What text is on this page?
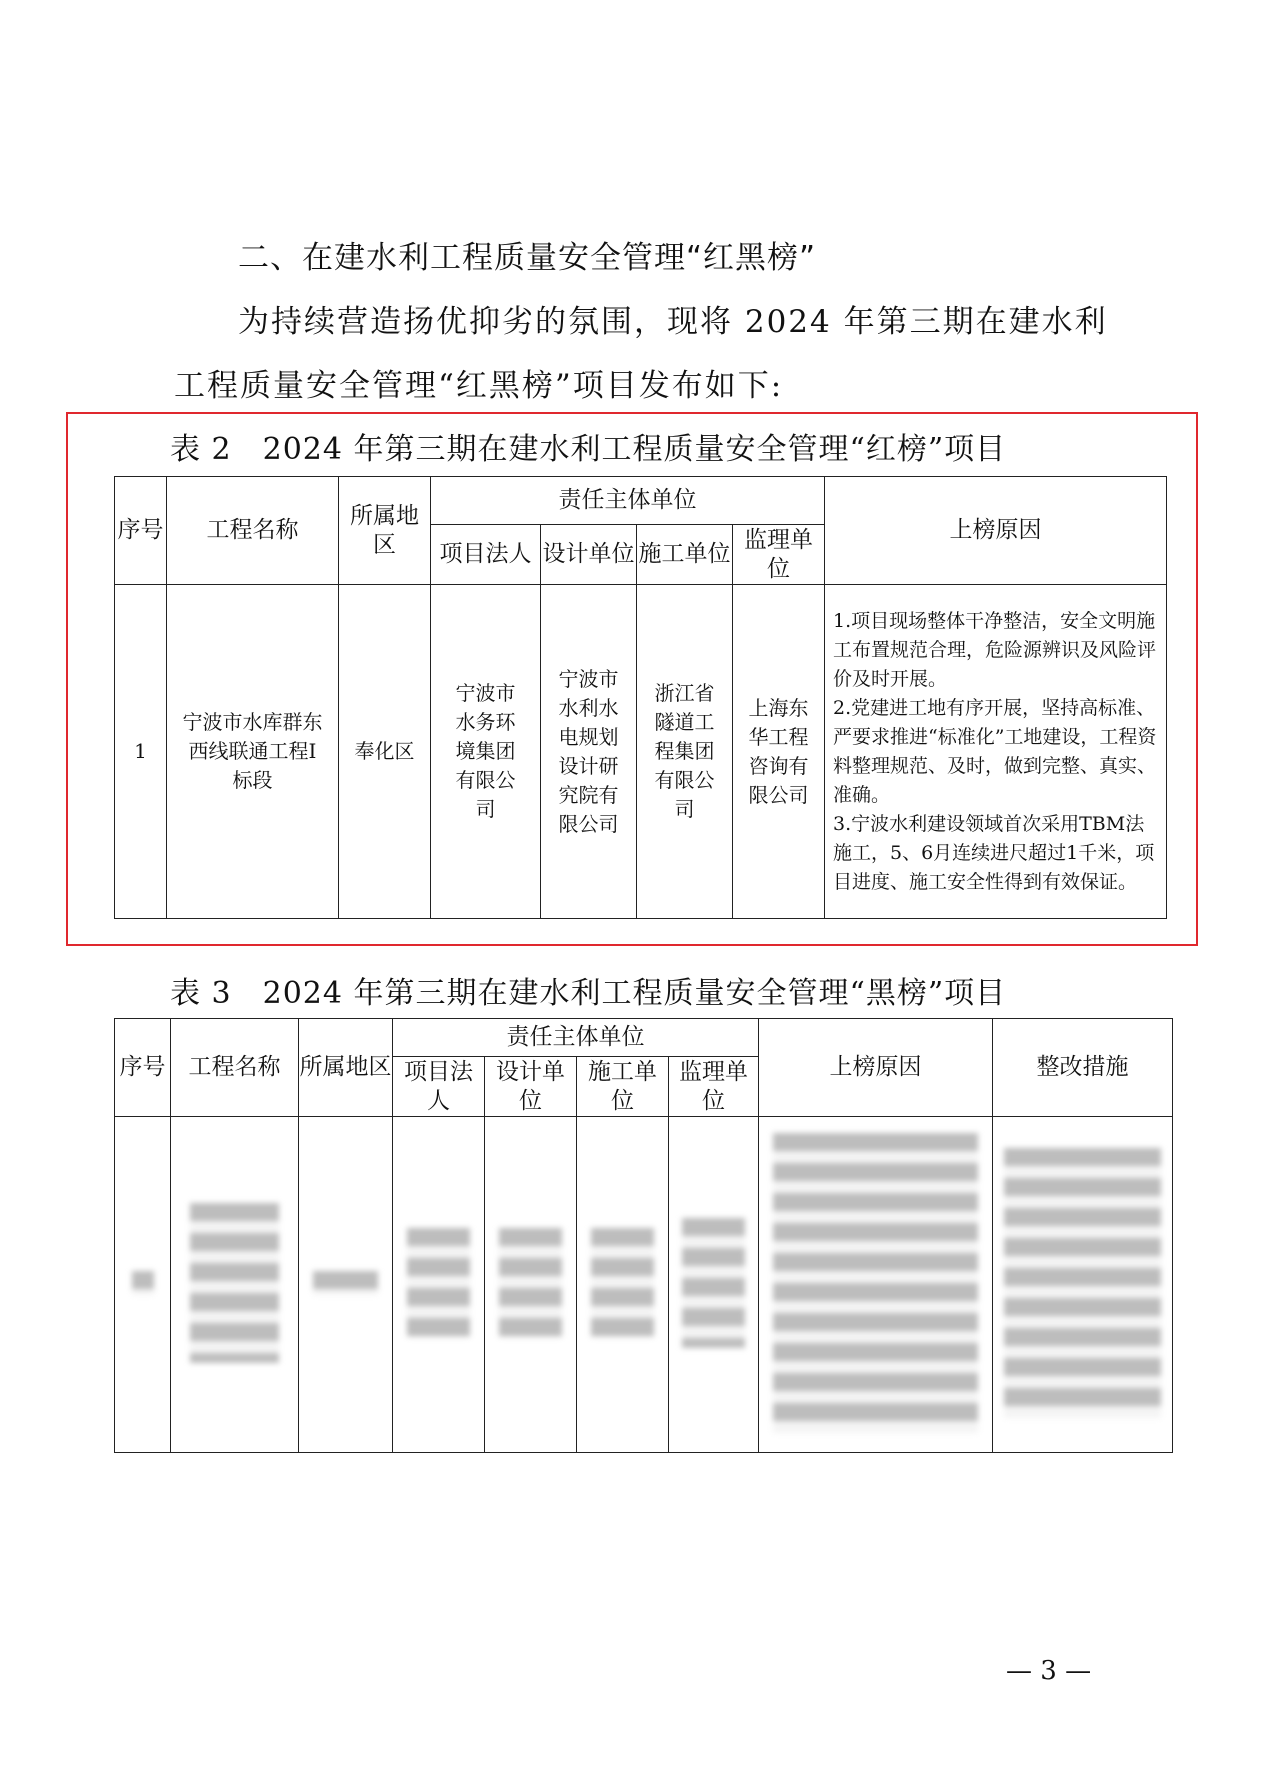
二、在建水利工程质量安全管理“红黑榜”
为持续营造扬优抑劣的氛围，现将 2024 年第三期在建水利
工程质量安全管理“红黑榜”项目发布如下:
表 2　2024 年第三期在建水利工程质量安全管理“红榜”项目
序号	工程名称	所属地区	责任主体单位				上榜原因
			项目法人	设计单位	施工单位	监理单位	
1	宁波市水库群东西线联通工程Ⅰ标段	奉化区	宁波市水务环境集团有限公司	宁波市水利水电规划设计研究院有限公司	浙江省隧道工程集团有限公司	上海东华工程咨询有限公司	1.项目现场整体干净整洁，安全文明施工布置规范合理，危险源辨识及风险评价及时开展。
2.党建进工地有序开展，坚持高标准、严要求推进“标准化”工地建设，工程资料整理规范、及时，做到完整、真实、准确。
3.宁波水利建设领域首次采用TBM法施工，5、6月连续进尺超过1千米，项目进度、施工安全性得到有效保证。
表 3　2024 年第三期在建水利工程质量安全管理“黑榜”项目
序号	工程名称	所属地区	责任主体单位				上榜原因	整改措施
			项目法人	设计单位	施工单位	监理单位		

— 3 —
